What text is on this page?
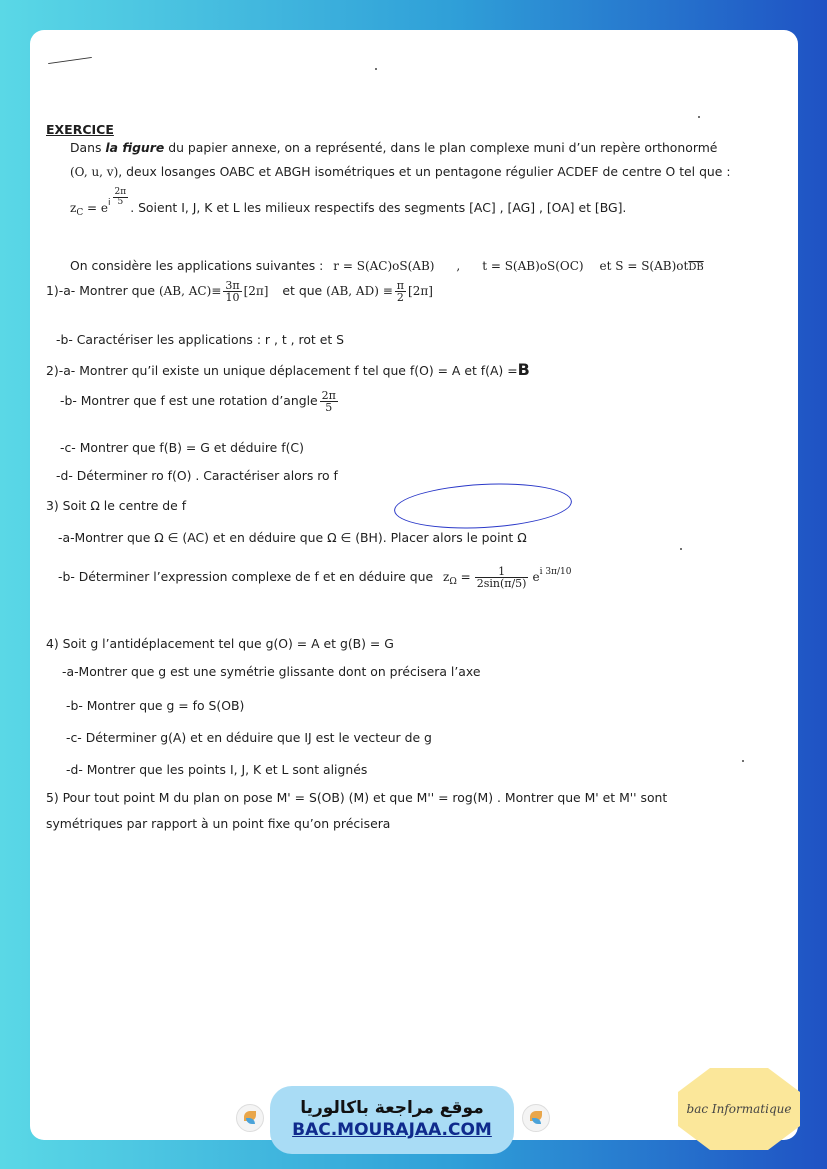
EXERCICE
Dans la figure du papier annexe, on a représenté, dans le plan complexe muni d’un repère orthonormé
(O, u, v), deux losanges OABC et ABGH isométriques et un pentagone régulier ACDEF de centre O tel que :
$z_C = e^i \frac{2\pi}{5}$
. Soient I, J, K et L les milieux respectifs des segments [AC] , [AG] , [OA] et [BG].
On considère les applications suivantes : r = S(AC)oS(AB) , t = S(AB)oS(OC) et $S = S(AB)ot\overline{DB}$
1)-a- Montrer que (AB, $AC)\equiv \frac{3\pi}{10} [2\pi]$ et que (AB, $AD) \equiv \frac{\pi}{2} [2\pi]$
-b- Caractériser les applications : r , t , rot et S
2)-a- Montrer qu’il existe un unique déplacement f tel que f(O) = A et f(A) =B
-b- Montrer que f est une rotation d’angle $\frac{2\pi}{5}$
-c- Montrer que f(B) = G et déduire f(C)
-d- Déterminer ro f(O) . Caractériser alors ro f
3) Soit Ω le centre de f
-a-Montrer que Ω ∈ (AC) et en déduire que Ω ∈ (BH). Placer alors le point Ω
-b- Déterminer l’expression complexe de f et en déduire que $z_\Omega = \frac{1}{2\sin(\pi/5)} e^{i 3\pi/10}$
4) Soit g l’antidéplacement tel que g(O) = A et g(B) = G
-a-Montrer que g est une symétrie glissante dont on précisera l’axe
-b- Montrer que g = fo S(OB)
-c- Déterminer g(A) et en déduire que IJ est le vecteur de g
-d- Montrer que les points I, J, K et L sont alignés
5) Pour tout point M du plan on pose M' = S(OB) (M) et que M'' = rog(M) . Montrer que M' et M'' sont
symétriques par rapport à un point fixe qu’on précisera
موقع مراجعة باكالوريا
BAC.MOURAJAA.COM
bac Informatique
